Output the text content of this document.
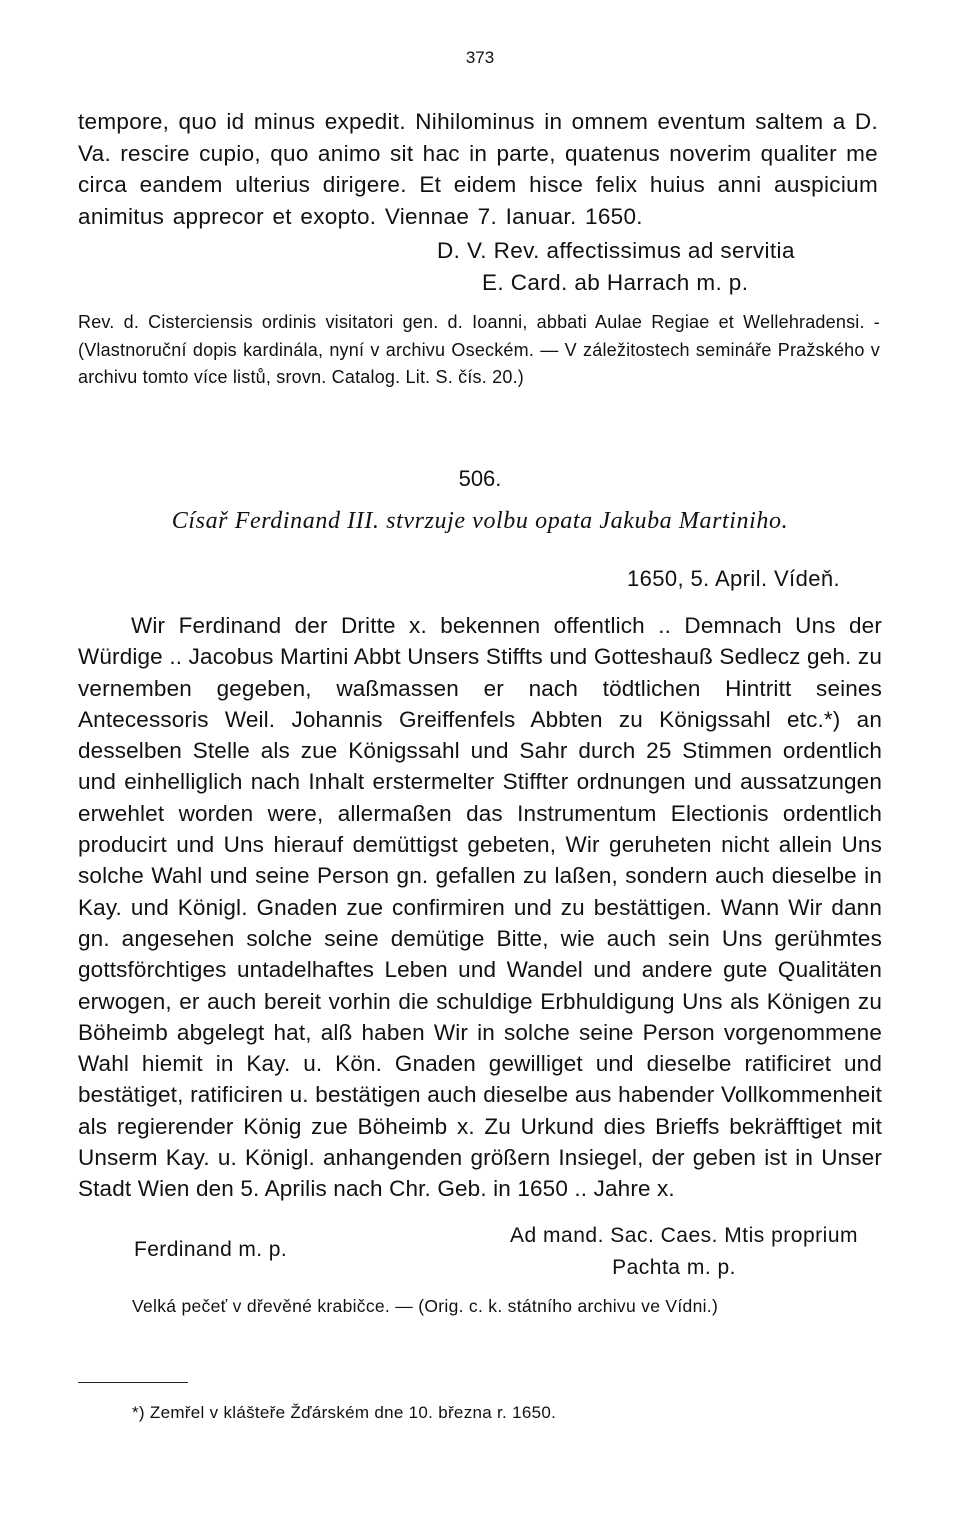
373
tempore, quo id minus expedit. Nihilominus in omnem eventum saltem a D. Va. rescire cupio, quo animo sit hac in parte, quatenus noverim qualiter me circa eandem ulterius dirigere. Et eidem hisce felix huius anni auspicium animitus apprecor et exopto. Viennae 7. Ianuar. 1650.
D. V. Rev. affectissimus ad servitia
E. Card. ab Harrach m. p.
Rev. d. Cisterciensis ordinis visitatori gen. d. Ioanni, abbati Aulae Regiae et Wellehradensi. - (Vlastnoruční dopis kardinála, nyní v archivu Oseckém. — V záležitostech semináře Pražského v archivu tomto více listů, srovn. Catalog. Lit. S. čís. 20.)
506.
Císař Ferdinand III. stvrzuje volbu opata Jakuba Martiniho.
1650, 5. April. Vídeň.
Wir Ferdinand der Dritte x. bekennen offentlich .. Demnach Uns der Würdige .. Jacobus Martini Abbt Unsers Stiffts und Gotteshauß Sedlecz geh. zu vernemben gegeben, waßmassen er nach tödtlichen Hintritt seines Antecessoris Weil. Johannis Greiffenfels Abbten zu Königssahl etc.*) an desselben Stelle als zue Königssahl und Sahr durch 25 Stimmen ordentlich und einhelliglich nach Inhalt erstermelter Stiffter ordnungen und aussatzungen erwehlet worden were, allermaßen das Instrumentum Electionis ordentlich producirt und Uns hierauf demüttigst gebeten, Wir geruheten nicht allein Uns solche Wahl und seine Person gn. gefallen zu laßen, sondern auch dieselbe in Kay. und Königl. Gnaden zue confirmiren und zu bestättigen. Wann Wir dann gn. angesehen solche seine demütige Bitte, wie auch sein Uns gerühmtes gottsförchtiges untadelhaftes Leben und Wandel und andere gute Qualitäten erwogen, er auch bereit vorhin die schuldige Erbhuldigung Uns als Königen zu Böheimb abgelegt hat, alß haben Wir in solche seine Person vorgenommene Wahl hiemit in Kay. u. Kön. Gnaden gewilliget und dieselbe ratificiret und bestätiget, ratificiren u. bestätigen auch dieselbe aus habender Vollkommenheit als regierender König zue Böheimb x. Zu Urkund dies Brieffs bekräfftiget mit Unserm Kay. u. Königl. anhangenden größern Insiegel, der geben ist in Unser Stadt Wien den 5. Aprilis nach Chr. Geb. in 1650 .. Jahre x.
Ferdinand m. p.
Ad mand. Sac. Caes. Mtis proprium
Pachta m. p.
Velká pečeť v dřevěné krabičce. — (Orig. c. k. státního archivu ve Vídni.)
*) Zemřel v klášteře Žďárském dne 10. března r. 1650.
